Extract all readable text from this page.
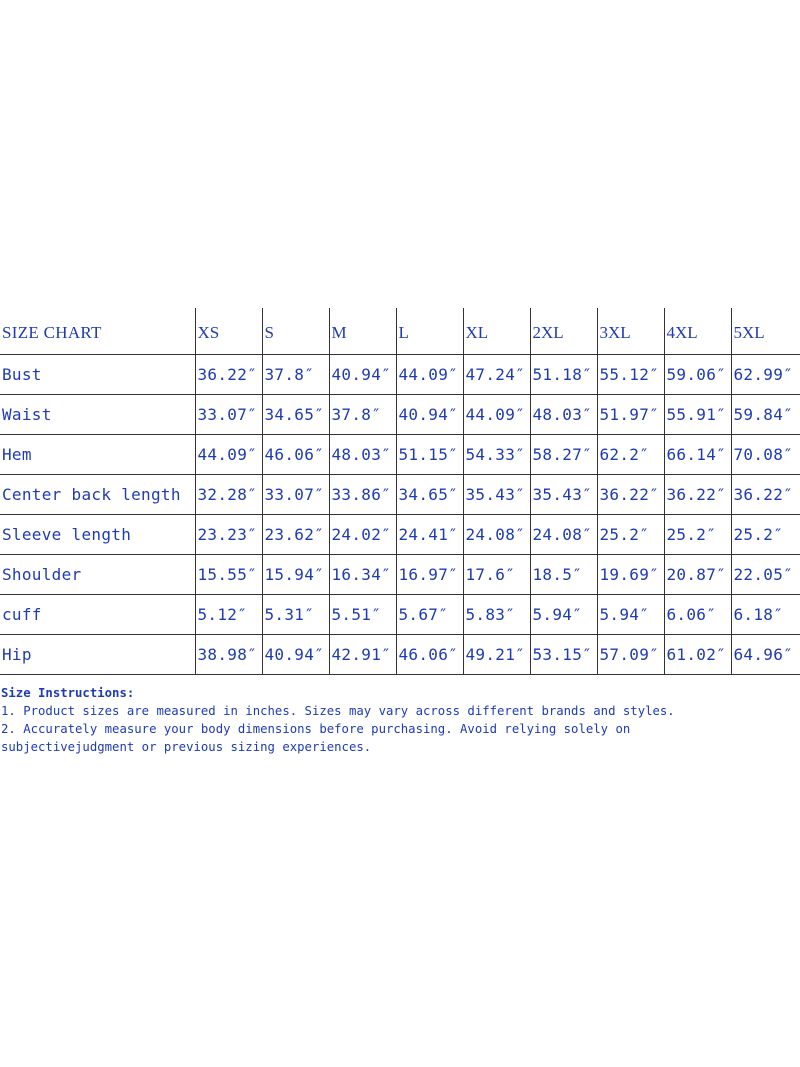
SIZE CHART	XS	S	M	L	XL	2XL	3XL	4XL	5XL
Bust	36.22″	37.8″	40.94″	44.09″	47.24″	51.18″	55.12″	59.06″	62.99″
Waist	33.07″	34.65″	37.8″	40.94″	44.09″	48.03″	51.97″	55.91″	59.84″
Hem	44.09″	46.06″	48.03″	51.15″	54.33″	58.27″	62.2″	66.14″	70.08″
Center back length	32.28″	33.07″	33.86″	34.65″	35.43″	35.43″	36.22″	36.22″	36.22″
Sleeve length	23.23″	23.62″	24.02″	24.41″	24.08″	24.08″	25.2″	25.2″	25.2″
Shoulder	15.55″	15.94″	16.34″	16.97″	17.6″	18.5″	19.69″	20.87″	22.05″
cuff	5.12″	5.31″	5.51″	5.67″	5.83″	5.94″	5.94″	6.06″	6.18″
Hip	38.98″	40.94″	42.91″	46.06″	49.21″	53.15″	57.09″	61.02″	64.96″
Size Instructions:
1. Product sizes are measured in inches. Sizes may vary across different brands and styles.
2. Accurately measure your body dimensions before purchasing. Avoid relying solely on
subjectivejudgment or previous sizing experiences.
